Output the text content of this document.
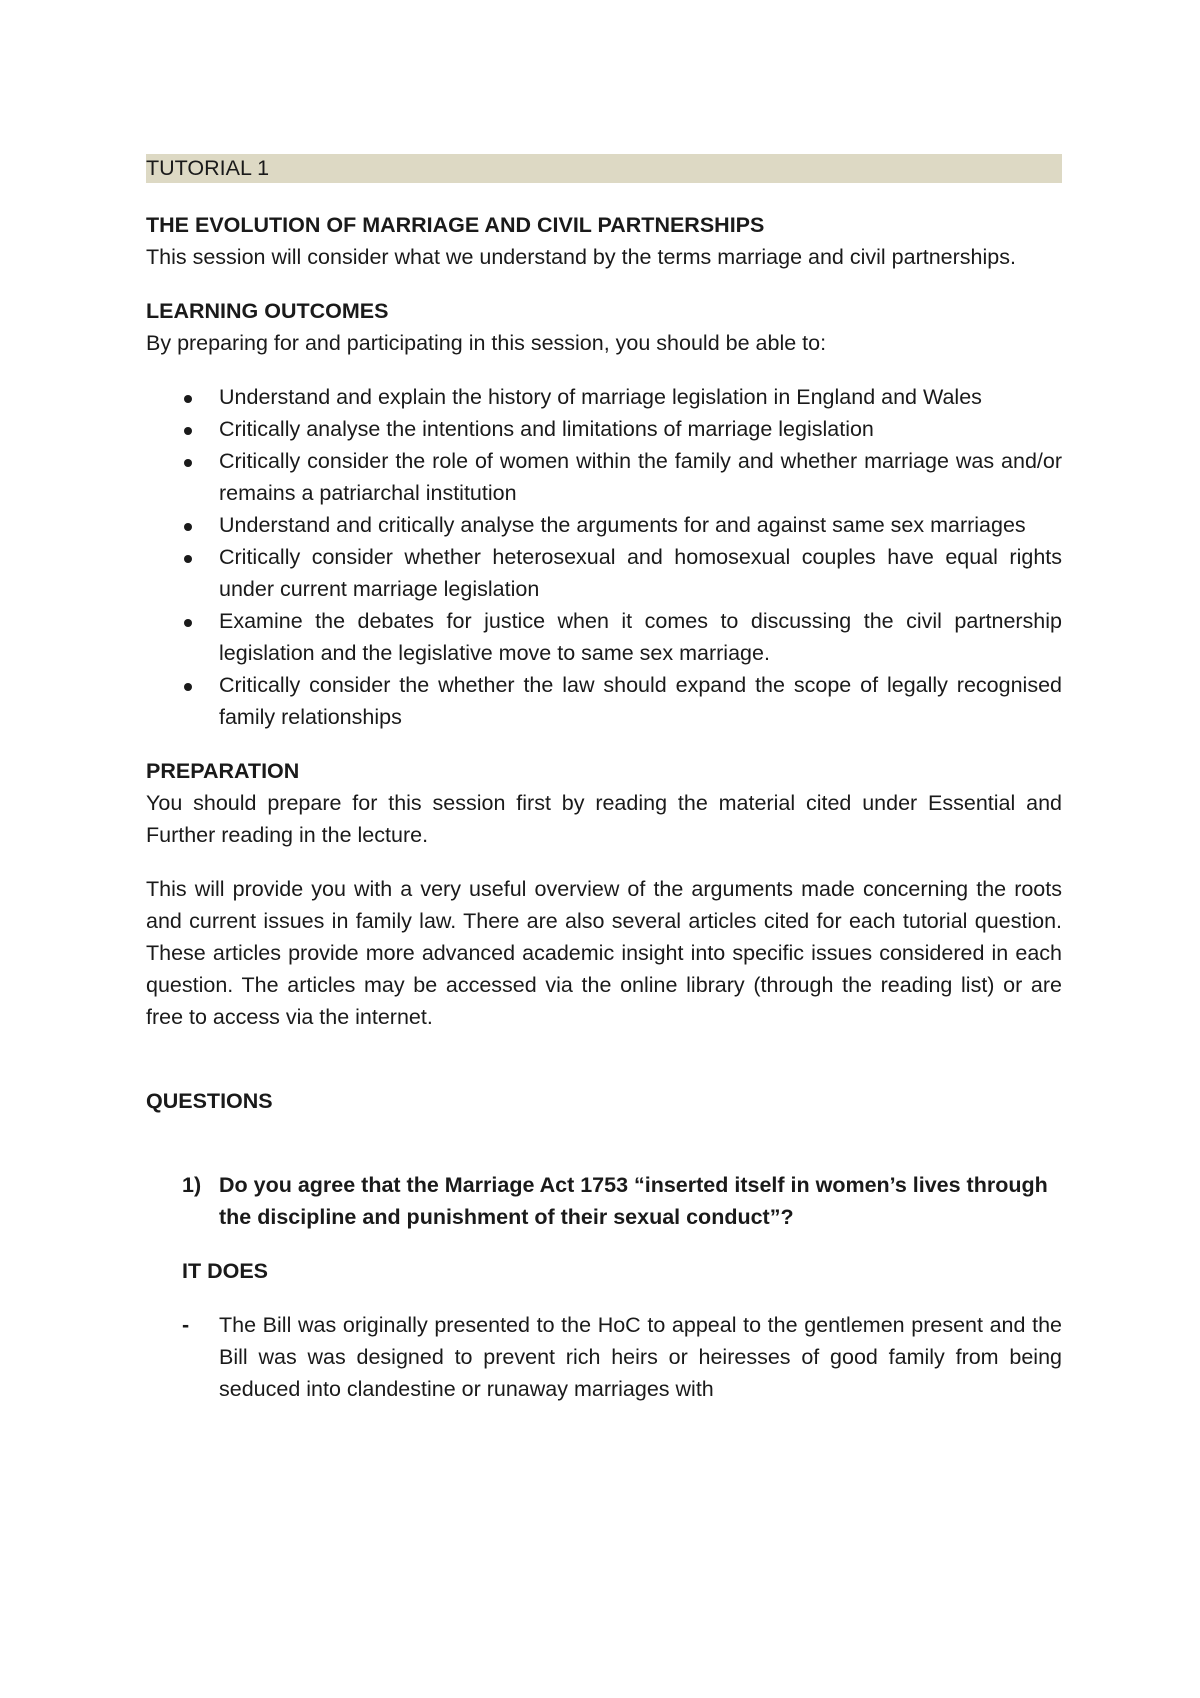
TUTORIAL 1

THE EVOLUTION OF MARRIAGE AND CIVIL PARTNERSHIPS

This session will consider what we understand by the terms marriage and civil partnerships.

LEARNING OUTCOMES

By preparing for and participating in this session, you should be able to:

Understand and explain the history of marriage legislation in England and Wales
Critically analyse the intentions and limitations of marriage legislation
Critically consider the role of women within the family and whether marriage was and/or remains a patriarchal institution
Understand and critically analyse the arguments for and against same sex marriages
Critically consider whether heterosexual and homosexual couples have equal rights under current marriage legislation
Examine the debates for justice when it comes to discussing the civil partnership legislation and the legislative move to same sex marriage.
Critically consider the whether the law should expand the scope of legally recognised family relationships

PREPARATION

You should prepare for this session first by reading the material cited under Essential and Further reading in the lecture.

This will provide you with a very useful overview of the arguments made concerning the roots and current issues in family law. There are also several articles cited for each tutorial question. These articles provide more advanced academic insight into specific issues considered in each question. The articles may be accessed via the online library (through the reading list) or are free to access via the internet.

QUESTIONS

1) Do you agree that the Marriage Act 1753 “inserted itself in women’s lives through the discipline and punishment of their sexual conduct”?

IT DOES

- The Bill was originally presented to the HoC to appeal to the gentlemen present and the Bill was was designed to prevent rich heirs or heiresses of good family from being seduced into clandestine or runaway marriages with
